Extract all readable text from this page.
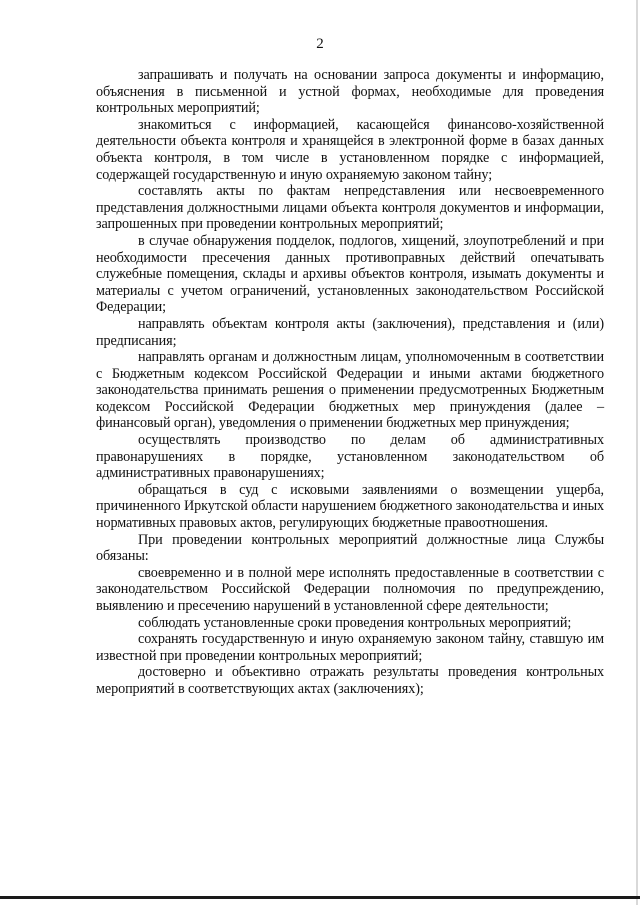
2

запрашивать и получать на основании запроса документы и информацию, объяснения в письменной и устной формах, необходимые для проведения контрольных мероприятий;

знакомиться с информацией, касающейся финансово-хозяйственной деятельности объекта контроля и хранящейся в электронной форме в базах данных объекта контроля, в том числе в установленном порядке с информацией, содержащей государственную и иную охраняемую законом тайну;

составлять акты по фактам непредставления или несвоевременного представления должностными лицами объекта контроля документов и информации, запрошенных при проведении контрольных мероприятий;

в случае обнаружения подделок, подлогов, хищений, злоупотреблений и при необходимости пресечения данных противоправных действий опечатывать служебные помещения, склады и архивы объектов контроля, изымать документы и материалы с учетом ограничений, установленных законодательством Российской Федерации;

направлять объектам контроля акты (заключения), представления и (или) предписания;

направлять органам и должностным лицам, уполномоченным в соответствии с Бюджетным кодексом Российской Федерации и иными актами бюджетного законодательства принимать решения о применении предусмотренных Бюджетным кодексом Российской Федерации бюджетных мер принуждения (далее – финансовый орган), уведомления о применении бюджетных мер принуждения;

осуществлять производство по делам об административных правонарушениях в порядке, установленном законодательством об административных правонарушениях;

обращаться в суд с исковыми заявлениями о возмещении ущерба, причиненного Иркутской области нарушением бюджетного законодательства и иных нормативных правовых актов, регулирующих бюджетные правоотношения.

При проведении контрольных мероприятий должностные лица Службы обязаны:

своевременно и в полной мере исполнять предоставленные в соответствии с законодательством Российской Федерации полномочия по предупреждению, выявлению и пресечению нарушений в установленной сфере деятельности;

соблюдать установленные сроки проведения контрольных мероприятий;

сохранять государственную и иную охраняемую законом тайну, ставшую им известной при проведении контрольных мероприятий;

достоверно и объективно отражать результаты проведения контрольных мероприятий в соответствующих актах (заключениях);
